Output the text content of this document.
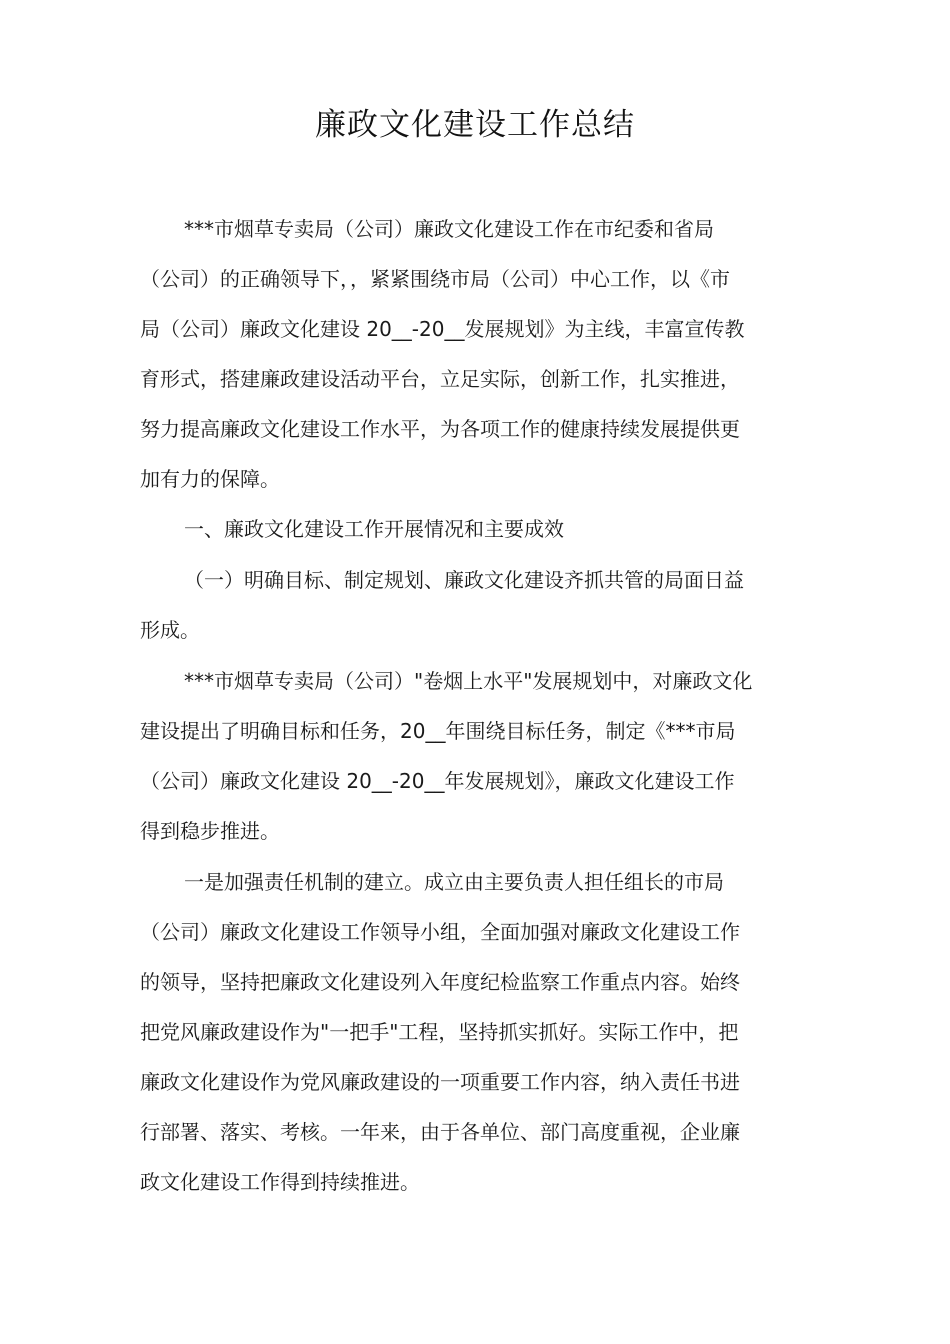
廉政文化建设工作总结
***市烟草专卖局（公司）廉政文化建设工作在市纪委和省局
（公司）的正确领导下，，紧紧围绕市局（公司）中心工作，以《市
局（公司）廉政文化建设 20__-20__发展规划》为主线，丰富宣传教
育形式，搭建廉政建设活动平台，立足实际，创新工作，扎实推进，
努力提高廉政文化建设工作水平，为各项工作的健康持续发展提供更
加有力的保障。
一、廉政文化建设工作开展情况和主要成效
（一）明确目标、制定规划、廉政文化建设齐抓共管的局面日益
形成。
***市烟草专卖局（公司）"卷烟上水平"发展规划中，对廉政文化
建设提出了明确目标和任务，20__年围绕目标任务，制定《***市局
（公司）廉政文化建设 20__-20__年发展规划》，廉政文化建设工作
得到稳步推进。
一是加强责任机制的建立。成立由主要负责人担任组长的市局
（公司）廉政文化建设工作领导小组，全面加强对廉政文化建设工作
的领导，坚持把廉政文化建设列入年度纪检监察工作重点内容。始终
把党风廉政建设作为"一把手"工程，坚持抓实抓好。实际工作中，把
廉政文化建设作为党风廉政建设的一项重要工作内容，纳入责任书进
行部署、落实、考核。一年来，由于各单位、部门高度重视，企业廉
政文化建设工作得到持续推进。
